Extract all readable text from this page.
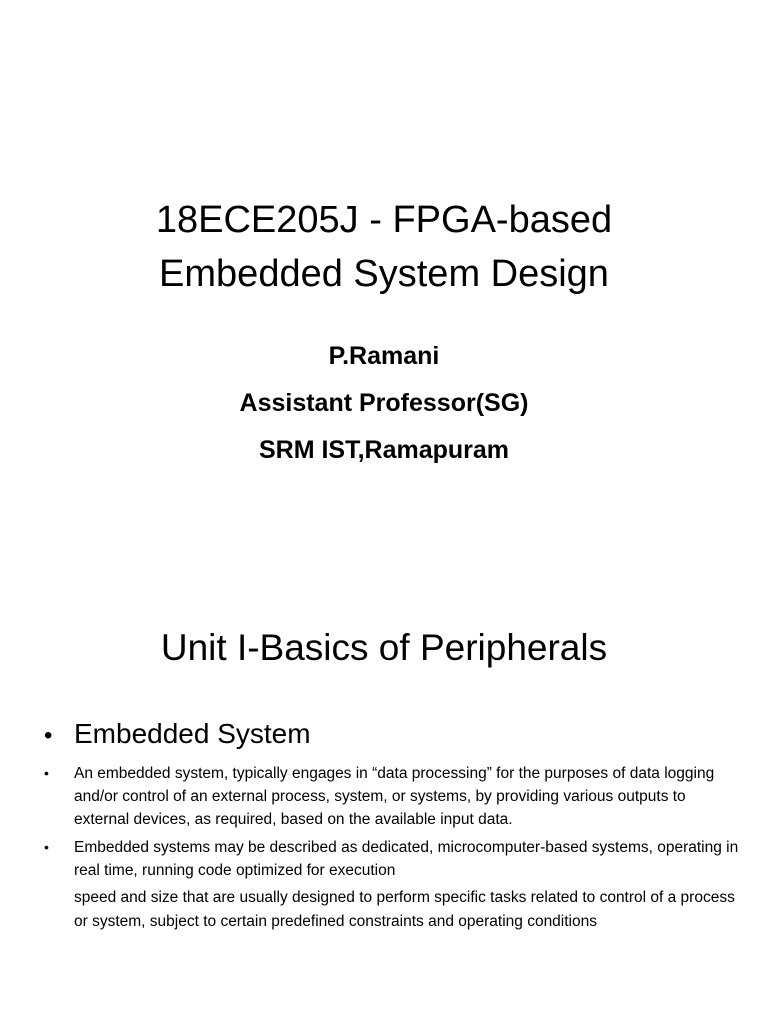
18ECE205J - FPGA-based
Embedded System Design
P.Ramani
Assistant Professor(SG)
SRM IST,Ramapuram
Unit I-Basics of Peripherals
• Embedded System
•	An embedded system, typically engages in “data processing” for the purposes of data logging and/or control of an external process, system, or systems, by providing various outputs to external devices, as required, based on the available input data.
•	Embedded systems may be described as dedicated, microcomputer-based systems, operating in real time, running code optimized for execution
speed and size that are usually designed to perform specific tasks related to control of a process or system, subject to certain predefined constraints and operating conditions
